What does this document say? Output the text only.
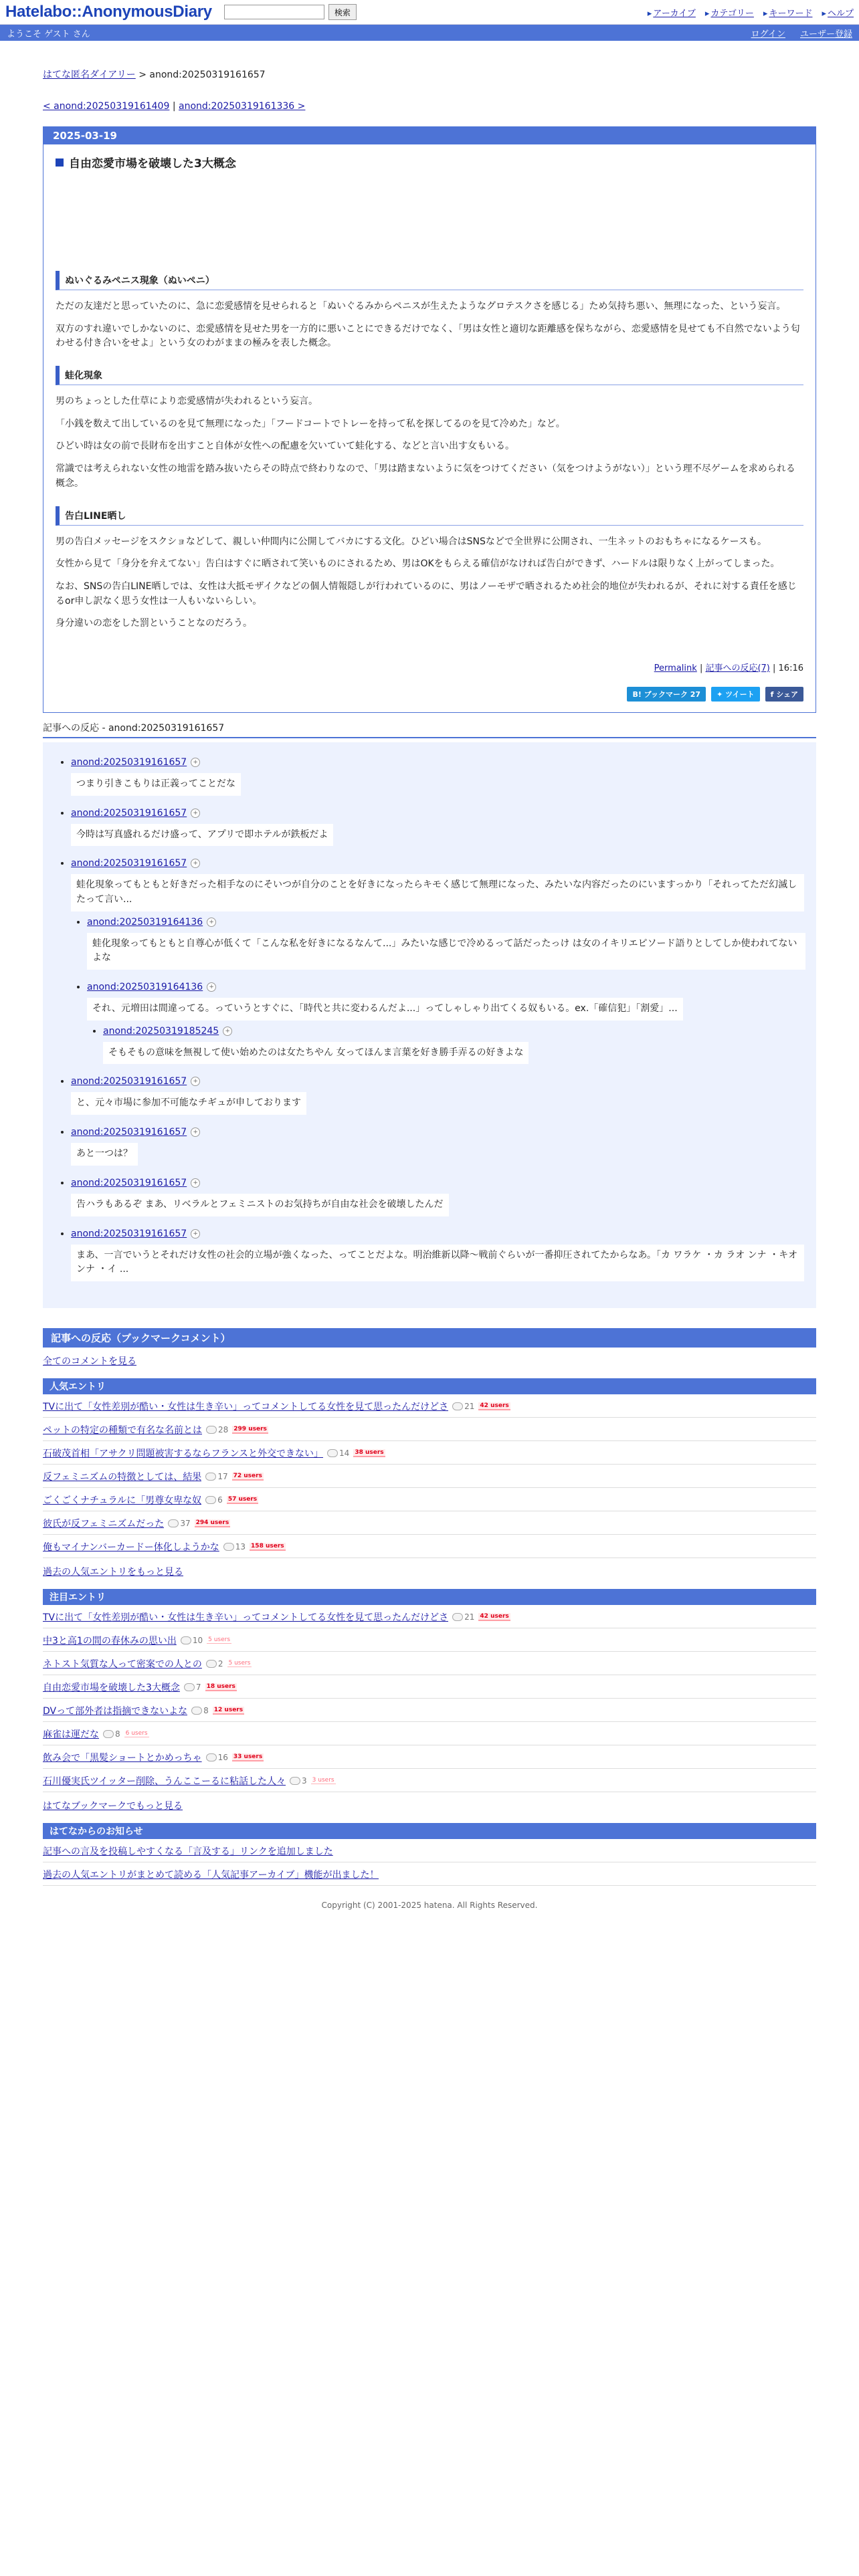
Hatelabo::AnonymousDiary	検索	▸ アーカイブ	▸ カテゴリー	▸ キーワード	▸ ヘルプ
ようこそ ゲスト さん	ログイン ユーザー登録
はてな匿名ダイアリー > anond:20250319161657
< anond:20250319161409 | anond:20250319161336 >
2025-03-19
自由恋愛市場を破壊した3大概念
ぬいぐるみペニス現象（ぬいペニ）

ただの友達だと思っていたのに、急に恋愛感情を見せられると「ぬいぐるみからペニスが生えたようなグロテスクさを感じる」ため気持ち悪い、無理になった、という妄言。

双方のすれ違いでしかないのに、恋愛感情を見せた男を一方的に悪いことにできるだけでなく、「男は女性と適切な距離感を保ちながら、恋愛感情を見せても不自然でないよう匂わせる付き合いをせよ」という女のわがままの極みを表した概念。

蛙化現象

男のちょっとした仕草により恋愛感情が失われるという妄言。

「小銭を数えて出しているのを見て無理になった」「フードコートでトレーを持って私を探してるのを見て冷めた」など。

ひどい時は女の前で長財布を出すこと自体が女性への配慮を欠いていて蛙化する、などと言い出す女もいる。

常識では考えられない女性の地雷を踏み抜いたらその時点で終わりなので、「男は踏まないように気をつけてください（気をつけようがない）」という理不尽ゲームを求められる概念。

告白LINE晒し

男の告白メッセージをスクショなどして、親しい仲間内に公開してバカにする文化。ひどい場合はSNSなどで全世界に公開され、一生ネットのおもちゃになるケースも。

女性から見て「身分を弁えてない」告白はすぐに晒されて笑いものにされるため、男はOKをもらえる確信がなければ告白ができず、ハードルは限りなく上がってしまった。

なお、SNSの告白LINE晒しでは、女性は大抵モザイクなどの個人情報隠しが行われているのに、男はノーモザで晒されるため社会的地位が失われるが、それに対する責任を感じるor申し訳なく思う女性は一人もいないらしい。

身分違いの恋をした罰ということなのだろう。

Permalink | 記事への反応(7) | 16:16
B! ブックマーク 27	✦ ツイート	f シェア
記事への反応 - anond:20250319161657
• anond:20250319161657 +
つまり引きこもりは正義ってことだな
• anond:20250319161657 +
今時は写真盛れるだけ盛って、アプリで即ホテルが鉄板だよ
• anond:20250319161657 +
蛙化現象ってもともと好きだった相手なのにそいつが自分のことを好きになったらキモく感じて無理になった、みたいな内容だったのにいますっかり「それってただ幻滅したって言い...
• anond:20250319164136 +
蛙化現象ってもともと自尊心が低くて「こんな私を好きになるなんて...」みたいな感じで冷めるって話だったっけ は女のイキリエピソード語りとしてしか使われてないよな
• anond:20250319164136 +
それ、元増田は間違ってる。っていうとすぐに、「時代と共に変わるんだよ...」ってしゃしゃり出てくる奴もいる。ex.「確信犯」「割愛」...
• anond:20250319185245 +
そもそもの意味を無視して使い始めたのは女たちやん 女ってほんま言葉を好き勝手弄るの好きよな
• anond:20250319161657 +
と、元々市場に参加不可能なチギュが申しております
• anond:20250319161657 +
あと一つは？
• anond:20250319161657 +
告ハラもあるぞ まあ、リベラルとフェミニストのお気持ちが自由な社会を破壊したんだ
• anond:20250319161657 +
まあ、一言でいうとそれだけ女性の社会的立場が強くなった、ってことだよな。明治維新以降〜戦前ぐらいが一番抑圧されてたからなあ。「カ ワラケ ・カ ラオ ンナ ・キオ ンナ ・イ ...
記事への反応（ブックマークコメント）
全てのコメントを見る
人気エントリ
TVに出て「女性差別が酷い・女性は生き辛い」ってコメントしてる女性を見て思ったんだけどさ 21 42 users
ペットの特定の種類で有名な名前とは 28 299 users
石破茂首相「アサクリ問題被害するならフランスと外交できない」 14 38 users
反フェミニズムの特徴としては、結果 17 72 users
ごくごくナチュラルに「男尊女卑な奴 6 57 users
彼氏が反フェミニズムだった 37 294 users
俺もマイナンバーカードー体化しようかな 13 158 users
過去の人気エントリをもっと見る
注目エントリ
TVに出て「女性差別が酷い・女性は生き辛い」ってコメントしてる女性を見て思ったんだけどさ 21 42 users
中3と高1の間の春休みの思い出 10 5 users
ネトスト気質な人って密案での人との 2 5 users
自由恋愛市場を破壊した3大概念 7 18 users
DVって部外者は指摘できないよな 8 12 users
麻雀は運だな 8 6 users
飲み会で「黒髪ショートとかめっちゃ 16 33 users
石川優実氏ツイッター削除、うんここーるに粘話した人々 3 3 users
はてなブックマークでもっと見る
はてなからのお知らせ
記事への言及を投稿しやすくなる「言及する」リンクを追加しました
過去の人気エントリがまとめて読める「人気記事アーカイブ」機能が出ました！
Copyright (C) 2001-2025 hatena. All Rights Reserved.
